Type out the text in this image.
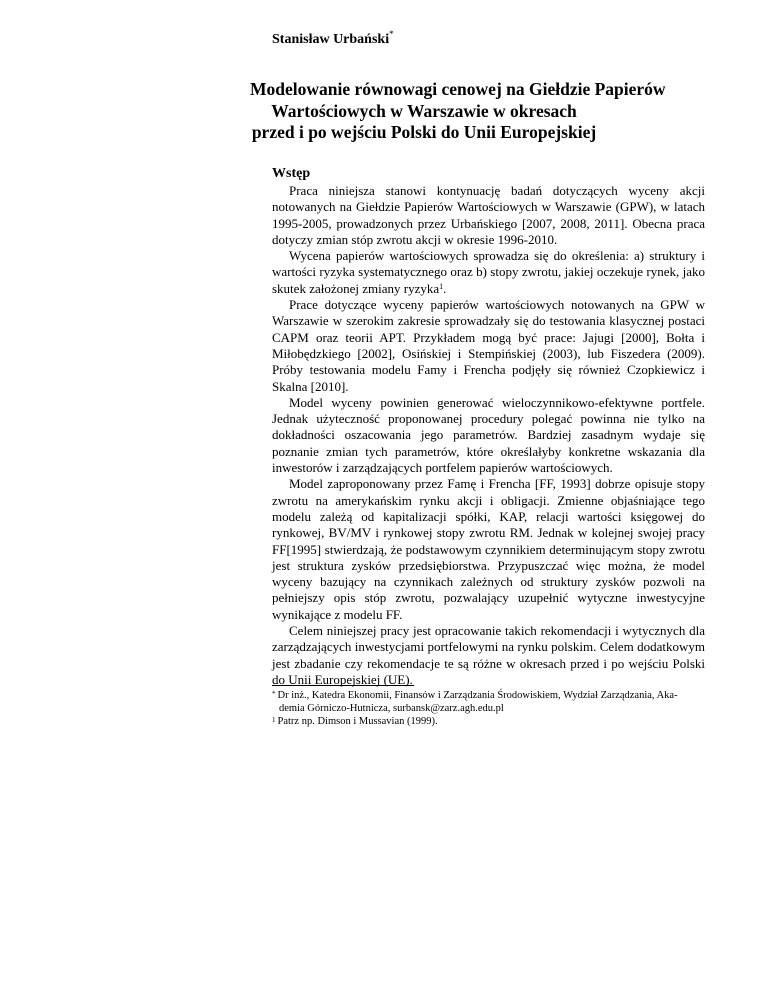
Stanisław Urbański*
Modelowanie równowagi cenowej na Giełdzie Papierów
Wartościowych w Warszawie w okresach
przed i po wejściu Polski do Unii Europejskiej
Wstęp

Praca niniejsza stanowi kontynuację badań dotyczących wyceny akcji notowanych na Giełdzie Papierów Wartościowych w Warszawie (GPW), w latach 1995-2005, prowadzonych przez Urbańskiego [2007, 2008, 2011]. Obecna praca dotyczy zmian stóp zwrotu akcji w okresie 1996-2010.

Wycena papierów wartościowych sprowadza się do określenia: a) struktury i wartości ryzyka systematycznego oraz b) stopy zwrotu, jakiej oczekuje rynek, jako skutek założonej zmiany ryzyka$^1$.

Prace dotyczące wyceny papierów wartościowych notowanych na GPW w Warszawie w szerokim zakresie sprowadzały się do testowania klasycznej postaci CAPM oraz teorii APT. Przykładem mogą być prace: Jajugi [2000], Bołta i Miłobędzkiego [2002], Osińskiej i Stempińskiej (2003), lub Fiszedera (2009). Próby testowania modelu Famy i Frencha podjęły się również Czopkiewicz i Skalna [2010].

Model wyceny powinien generować wieloczynnikowo-efektywne portfele. Jednak użyteczność proponowanej procedury polegać powinna nie tylko na dokładności oszacowania jego parametrów. Bardziej zasadnym wydaje się poznanie zmian tych parametrów, które określałyby konkretne wskazania dla inwestorów i zarządzających portfelem papierów wartościowych.

Model zaproponowany przez Famę i Frencha [FF, 1993] dobrze opisuje stopy zwrotu na amerykańskim rynku akcji i obligacji. Zmienne objaśniające tego modelu zależą od kapitalizacji spółki, KAP, relacji wartości księgowej do rynkowej, BV/MV i rynkowej stopy zwrotu RM. Jednak w kolejnej swojej pracy FF[1995] stwierdzają, że podstawowym czynnikiem determinującym stopy zwrotu jest struktura zysków przedsiębiorstwa. Przypuszczać więc można, że model wyceny bazujący na czynnikach zależnych od struktury zysków pozwoli na pełniejszy opis stóp zwrotu, pozwalający uzupełnić wytyczne inwestycyjne wynikające z modelu FF.

Celem niniejszej pracy jest opracowanie takich rekomendacji i wytycznych dla zarządzających inwestycjami portfelowymi na rynku polskim. Celem dodatkowym jest zbadanie czy rekomendacje te są różne w okresach przed i po wejściu Polski do Unii Europejskiej (UE).

* Dr inż., Katedra Ekonomii, Finansów i Zarządzania Środowiskiem, Wydział Zarządzania, Aka-
demia Górniczo-Hutnicza, surbansk@zarz.agh.edu.pl
$^1$ Patrz np. Dimson i Mussavian (1999).
